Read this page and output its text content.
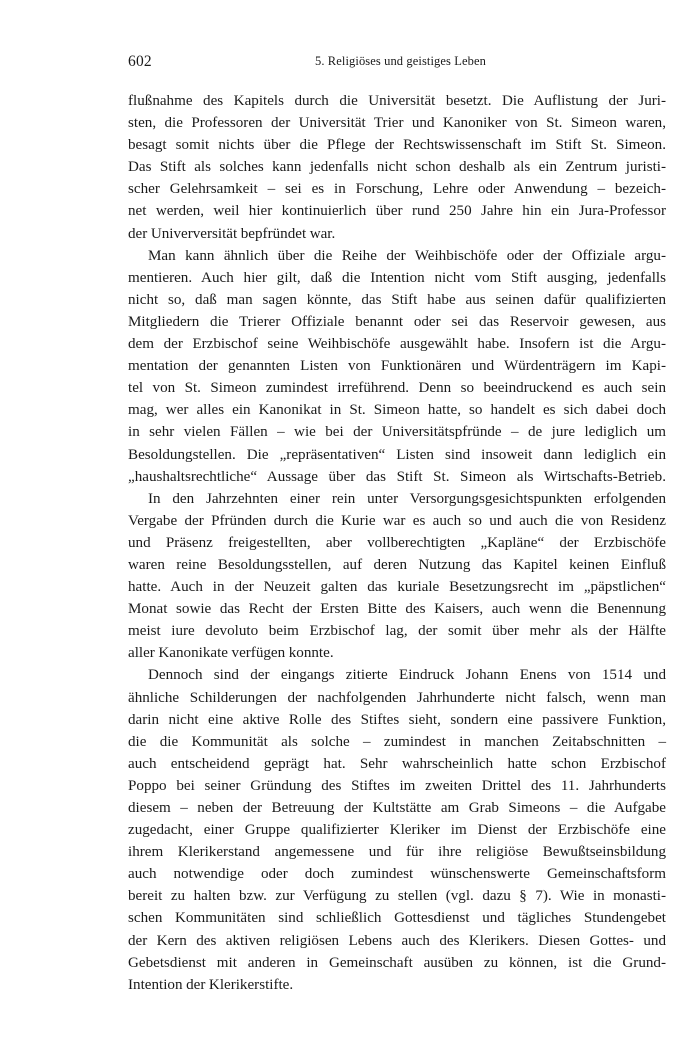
602	5. Religiöses und geistiges Leben
flußnahme des Kapitels durch die Universität besetzt. Die Auflistung der Juri-
sten, die Professoren der Universität Trier und Kanoniker von St. Simeon waren,
besagt somit nichts über die Pflege der Rechtswissenschaft im Stift St. Simeon.
Das Stift als solches kann jedenfalls nicht schon deshalb als ein Zentrum juristi-
scher Gelehrsamkeit – sei es in Forschung, Lehre oder Anwendung – bezeich-
net werden, weil hier kontinuierlich über rund 250 Jahre hin ein Jura-Professor
der Univerversität bepfründet war.
Man kann ähnlich über die Reihe der Weihbischöfe oder der Offiziale argu-
mentieren. Auch hier gilt, daß die Intention nicht vom Stift ausging, jedenfalls
nicht so, daß man sagen könnte, das Stift habe aus seinen dafür qualifizierten
Mitgliedern die Trierer Offiziale benannt oder sei das Reservoir gewesen, aus
dem der Erzbischof seine Weihbischöfe ausgewählt habe. Insofern ist die Argu-
mentation der genannten Listen von Funktionären und Würdenträgern im Kapi-
tel von St. Simeon zumindest irreführend. Denn so beeindruckend es auch sein
mag, wer alles ein Kanonikat in St. Simeon hatte, so handelt es sich dabei doch
in sehr vielen Fällen – wie bei der Universitätspfründe – de jure lediglich um
Besoldungstellen. Die „repräsentativen“ Listen sind insoweit dann lediglich ein
„haushaltsrechtliche“ Aussage über das Stift St. Simeon als Wirtschafts-Betrieb.
In den Jahrzehnten einer rein unter Versorgungsgesichtspunkten erfolgenden
Vergabe der Pfründen durch die Kurie war es auch so und auch die von Residenz
und Präsenz freigestellten, aber vollberechtigten „Kapläne“ der Erzbischöfe
waren reine Besoldungsstellen, auf deren Nutzung das Kapitel keinen Einfluß
hatte. Auch in der Neuzeit galten das kuriale Besetzungsrecht im „päpstlichen“
Monat sowie das Recht der Ersten Bitte des Kaisers, auch wenn die Benennung
meist iure devoluto beim Erzbischof lag, der somit über mehr als der Hälfte
aller Kanonikate verfügen konnte.
Dennoch sind der eingangs zitierte Eindruck Johann Enens von 1514 und
ähnliche Schilderungen der nachfolgenden Jahrhunderte nicht falsch, wenn man
darin nicht eine aktive Rolle des Stiftes sieht, sondern eine passivere Funktion,
die die Kommunität als solche – zumindest in manchen Zeitabschnitten –
auch entscheidend geprägt hat. Sehr wahrscheinlich hatte schon Erzbischof
Poppo bei seiner Gründung des Stiftes im zweiten Drittel des 11. Jahrhunderts
diesem – neben der Betreuung der Kultstätte am Grab Simeons – die Aufgabe
zugedacht, einer Gruppe qualifizierter Kleriker im Dienst der Erzbischöfe eine
ihrem Klerikerstand angemessene und für ihre religiöse Bewußtseinsbildung
auch notwendige oder doch zumindest wünschenswerte Gemeinschaftsform
bereit zu halten bzw. zur Verfügung zu stellen (vgl. dazu § 7). Wie in monasti-
schen Kommunitäten sind schließlich Gottesdienst und tägliches Stundengebet
der Kern des aktiven religiösen Lebens auch des Klerikers. Diesen Gottes- und
Gebetsdienst mit anderen in Gemeinschaft ausüben zu können, ist die Grund-
Intention der Klerikerstifte.
